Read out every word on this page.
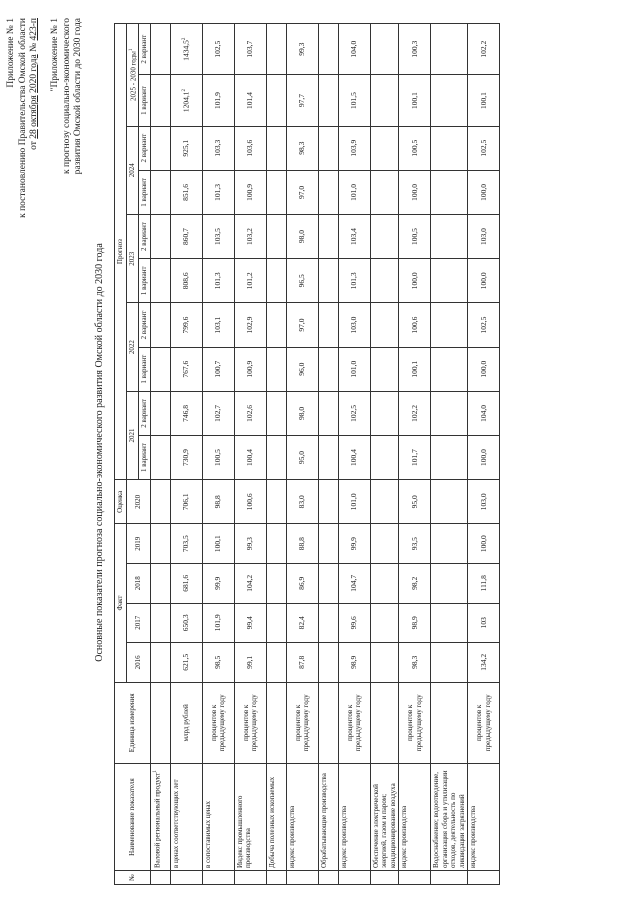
Приложение № 1 к постановлению Правительства Омской области от 28 октября 2020 года № 423-п "Приложение № 1 к прогнозу социально-экономического развития Омской области до 2030 года
Основные показатели прогноза социально-экономического развития Омской области до 2030 года
№	Наименование показателя	Единица измерения	Факт				Оценка	Прогноз									
			2016	2017	2018	2019	2020	2021		2022		2023		2024		2025 - 2030 годы$^1$
								1 вариант	2 вариант	1 вариант	2 вариант	1 вариант	2 вариант	1 вариант	2 вариант	1 вариант	2 вариант
	Валовой региональный продукт$^1$																
	в ценах соответствующих лет	млрд рублей	621,5	650,3	681,6	703,5	706,1	730,9	746,8	767,6	799,6	808,6	860,7	851,6	925,1	1204,1$^2$	1434,5$^2$
	в сопоставимых ценах	процентов к предыдущему году	98,5	101,9	99,9	100,1	98,8	100,5	102,7	100,7	103,1	101,3	103,5	101,3	103,3	101,9	102,5
	Индекс промышленного производства	процентов к предыдущему году	99,1	99,4	104,2	99,3	100,6	100,4	102,6	100,9	102,9	101,2	103,2	100,9	103,6	101,4	103,7
	Добыча полезных ископаемых																
	индекс производства	процентов к предыдущему году	87,8	82,4	86,9	88,8	83,0	95,0	98,0	96,0	97,0	96,5	98,0	97,0	98,3	97,7	99,3
	Обрабатывающие производства																
	индекс производства	процентов к предыдущему году	98,9	99,6	104,7	99,9	101,0	100,4	102,5	101,0	103,0	101,3	103,4	101,0	103,9	101,5	104,0
	Обеспечение электрической энергией, газом и паром; кондиционирование воздуха																
	индекс производства	процентов к предыдущему году	98,3	98,9	98,2	93,5	95,0	101,7	102,2	100,1	100,6	100,0	100,5	100,0	100,5	100,1	100,3
	Водоснабжение; водоотведение, организация сбора и утилизации отходов, деятельность по ликвидации загрязнений																
	индекс производства	процентов к предыдущему году	134,2	103	111,8	100,0	103,0	100,0	104,0	100,0	102,5	100,0	103,0	100,0	102,5	100,1	102,2
